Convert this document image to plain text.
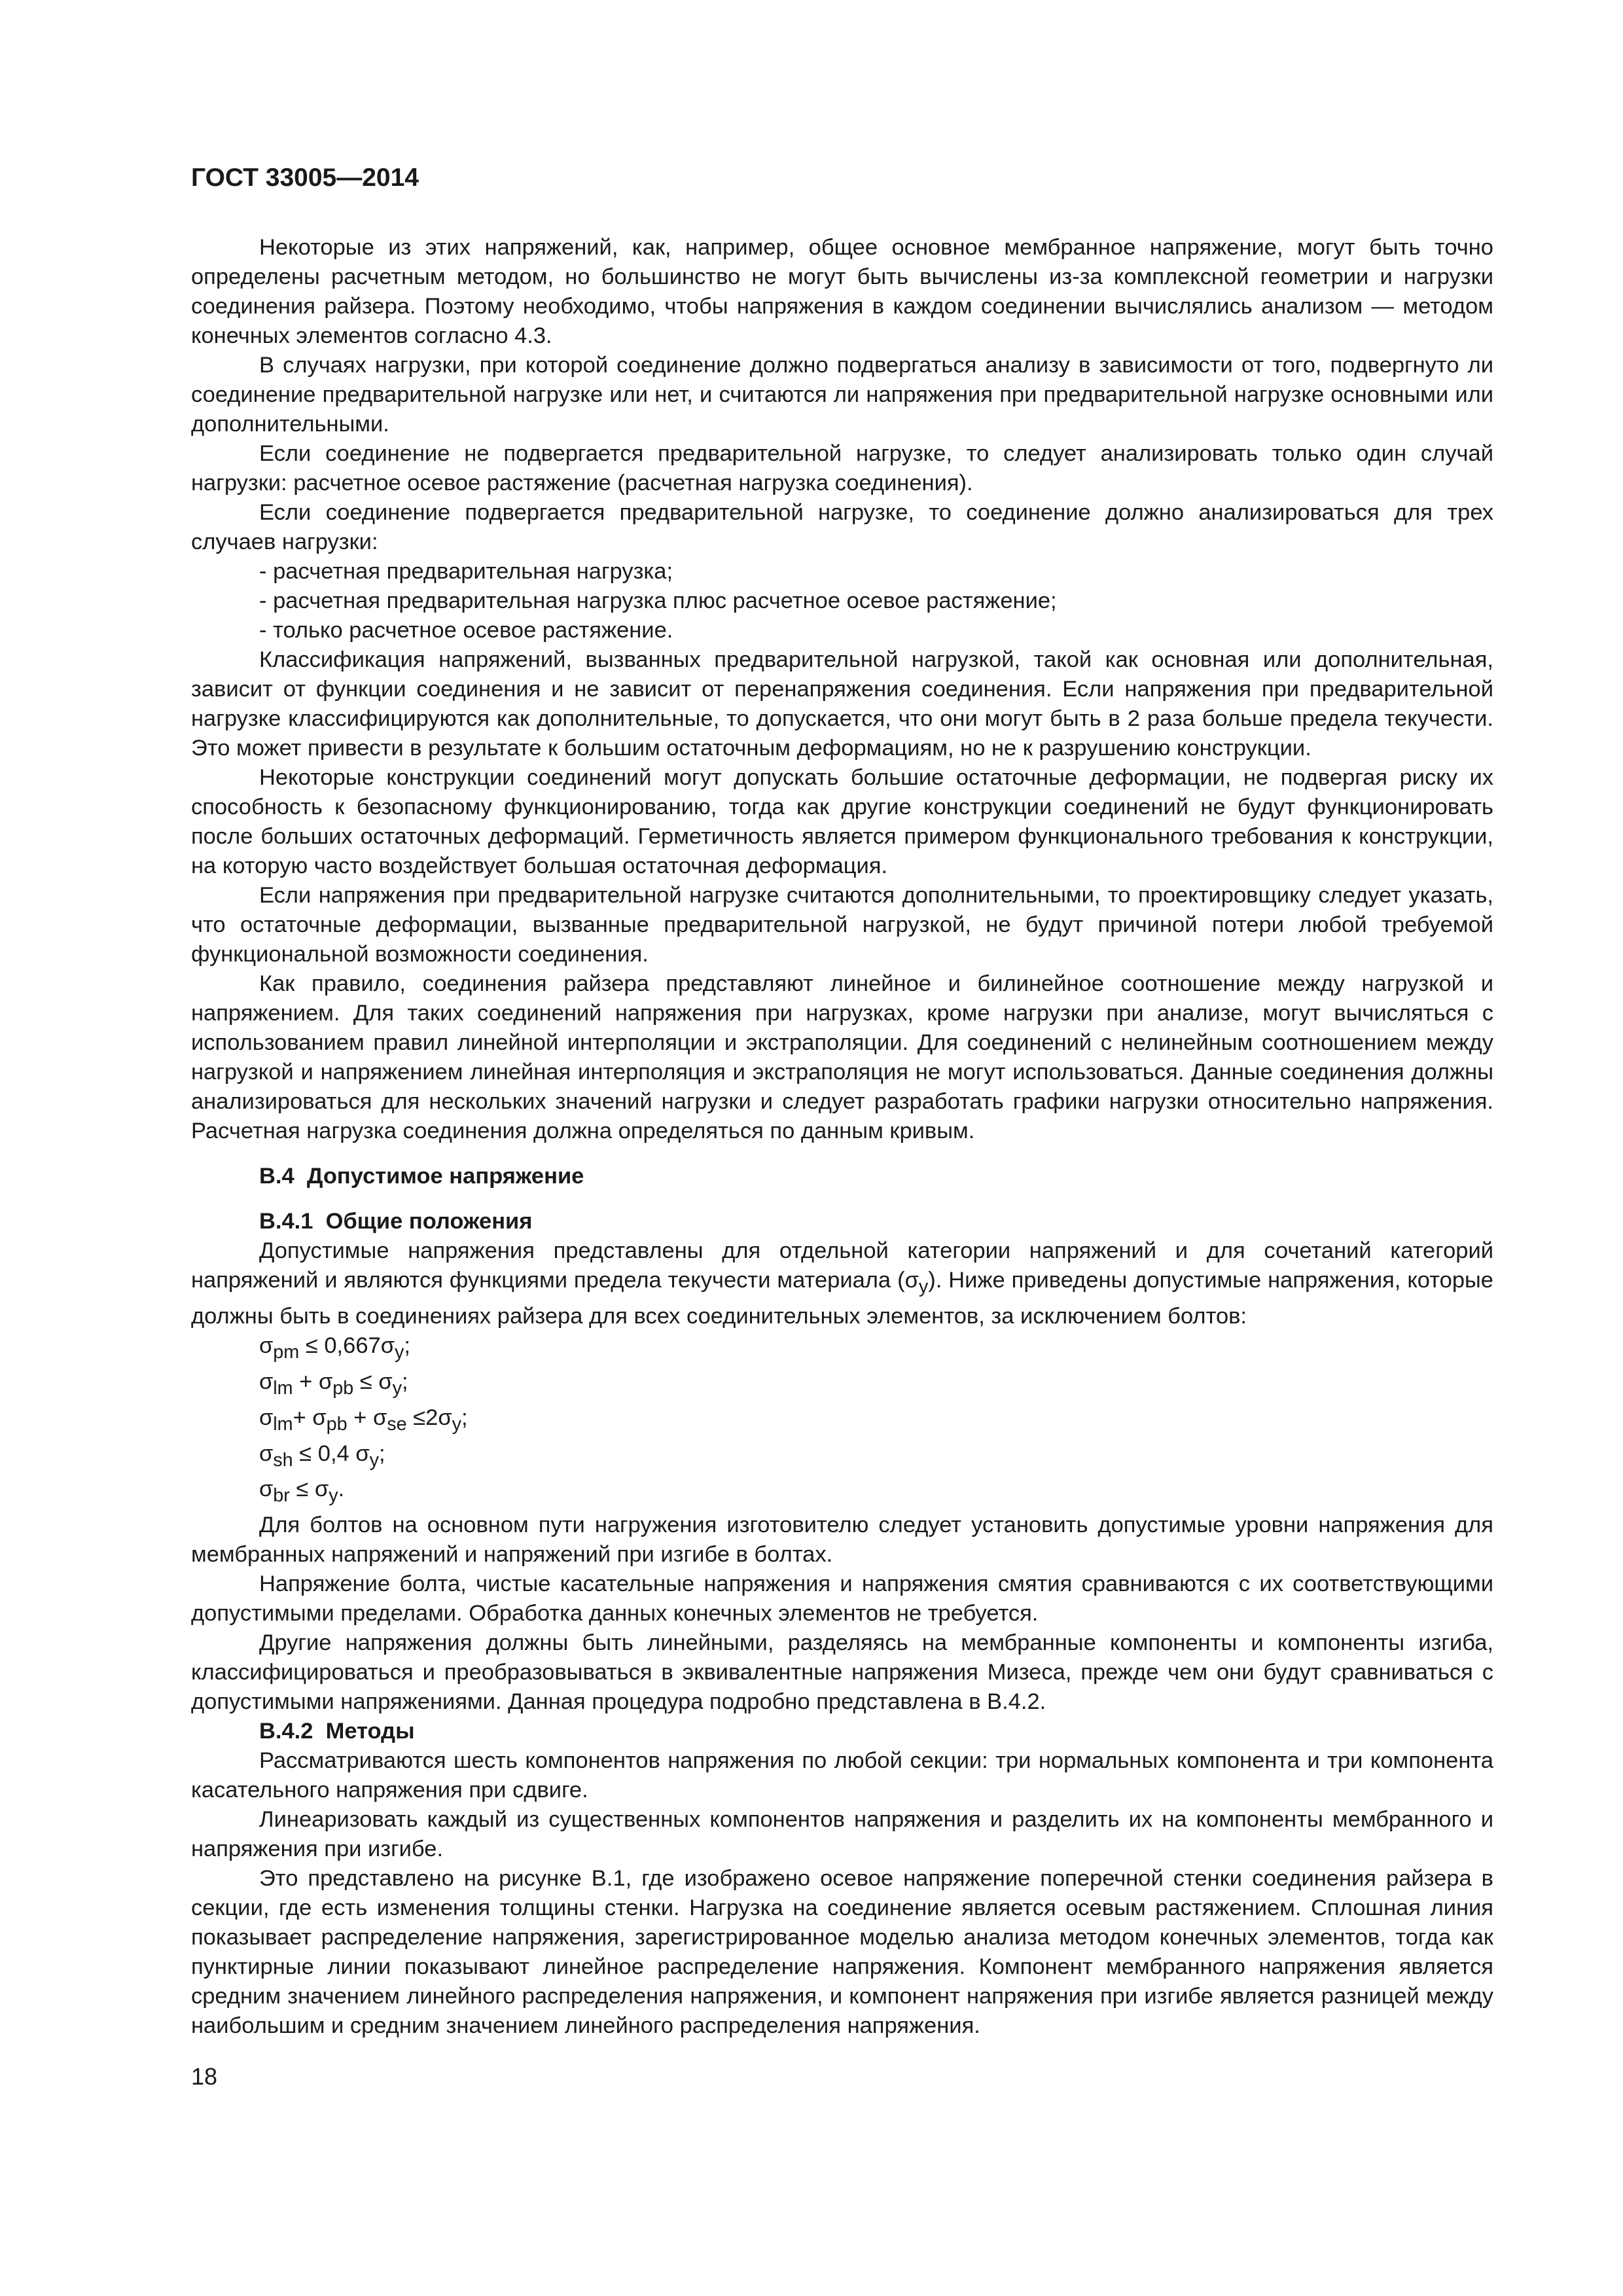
ГОСТ 33005—2014

Некоторые из этих напряжений, как, например, общее основное мембранное напряжение, могут быть точно определены расчетным методом, но большинство не могут быть вычислены из-за комплексной геометрии и нагрузки соединения райзера. Поэтому необходимо, чтобы напряжения в каждом соединении вычислялись анализом — методом конечных элементов согласно 4.3.

В случаях нагрузки, при которой соединение должно подвергаться анализу в зависимости от того, подвергнуто ли соединение предварительной нагрузке или нет, и считаются ли напряжения при предварительной нагрузке основными или дополнительными.

Если соединение не подвергается предварительной нагрузке, то следует анализировать только один случай нагрузки: расчетное осевое растяжение (расчетная нагрузка соединения).

Если соединение подвергается предварительной нагрузке, то соединение должно анализироваться для трех случаев нагрузки:

- расчетная предварительная нагрузка;
- расчетная предварительная нагрузка плюс расчетное осевое растяжение;
- только расчетное осевое растяжение.

Классификация напряжений, вызванных предварительной нагрузкой, такой как основная или дополнительная, зависит от функции соединения и не зависит от перенапряжения соединения. Если напряжения при предварительной нагрузке классифицируются как дополнительные, то допускается, что они могут быть в 2 раза больше предела текучести. Это может привести в результате к большим остаточным деформациям, но не к разрушению конструкции.

Некоторые конструкции соединений могут допускать большие остаточные деформации, не подвергая риску их способность к безопасному функционированию, тогда как другие конструкции соединений не будут функционировать после больших остаточных деформаций. Герметичность является примером функционального требования к конструкции, на которую часто воздействует большая остаточная деформация.

Если напряжения при предварительной нагрузке считаются дополнительными, то проектировщику следует указать, что остаточные деформации, вызванные предварительной нагрузкой, не будут причиной потери любой требуемой функциональной возможности соединения.

Как правило, соединения райзера представляют линейное и билинейное соотношение между нагрузкой и напряжением. Для таких соединений напряжения при нагрузках, кроме нагрузки при анализе, могут вычисляться с использованием правил линейной интерполяции и экстраполяции. Для соединений с нелинейным соотношением между нагрузкой и напряжением линейная интерполяция и экстраполяция не могут использоваться. Данные соединения должны анализироваться для нескольких значений нагрузки и следует разработать графики нагрузки относительно напряжения. Расчетная нагрузка соединения должна определяться по данным кривым.

В.4 Допустимое напряжение
В.4.1 Общие положения

Допустимые напряжения представлены для отдельной категории напряжений и для сочетаний категорий напряжений и являются функциями предела текучести материала $(\sigma_y)$. Ниже приведены допустимые напряжения, которые должны быть в соединениях райзера для всех соединительных элементов, за исключением болтов:

$\sigma_{pm} \le 0,667\sigma_y$;
$\sigma_{lm} + \sigma_{pb} \le \sigma_y$;
$\sigma_{lm}+ \sigma_{pb} + \sigma_{se} \le 2\sigma_y$;
$\sigma_{sh} \le 0,4$ $\sigma_y$;
$\sigma_{br} \le \sigma_y$.

Для болтов на основном пути нагружения изготовителю следует установить допустимые уровни напряжения для мембранных напряжений и напряжений при изгибе в болтах.

Напряжение болта, чистые касательные напряжения и напряжения смятия сравниваются с их соответствующими допустимыми пределами. Обработка данных конечных элементов не требуется.

Другие напряжения должны быть линейными, разделяясь на мембранные компоненты и компоненты изгиба, классифицироваться и преобразовываться в эквивалентные напряжения Мизеса, прежде чем они будут сравниваться с допустимыми напряжениями. Данная процедура подробно представлена в В.4.2.

В.4.2 Методы

Рассматриваются шесть компонентов напряжения по любой секции: три нормальных компонента и три компонента касательного напряжения при сдвиге.

Линеаризовать каждый из существенных компонентов напряжения и разделить их на компоненты мембранного и напряжения при изгибе.

Это представлено на рисунке В.1, где изображено осевое напряжение поперечной стенки соединения райзера в секции, где есть изменения толщины стенки. Нагрузка на соединение является осевым растяжением. Сплошная линия показывает распределение напряжения, зарегистрированное моделью анализа методом конечных элементов, тогда как пунктирные линии показывают линейное распределение напряжения. Компонент мембранного напряжения является средним значением линейного распределения напряжения, и компонент напряжения при изгибе является разницей между наибольшим и средним значением линейного распределения напряжения.

18
